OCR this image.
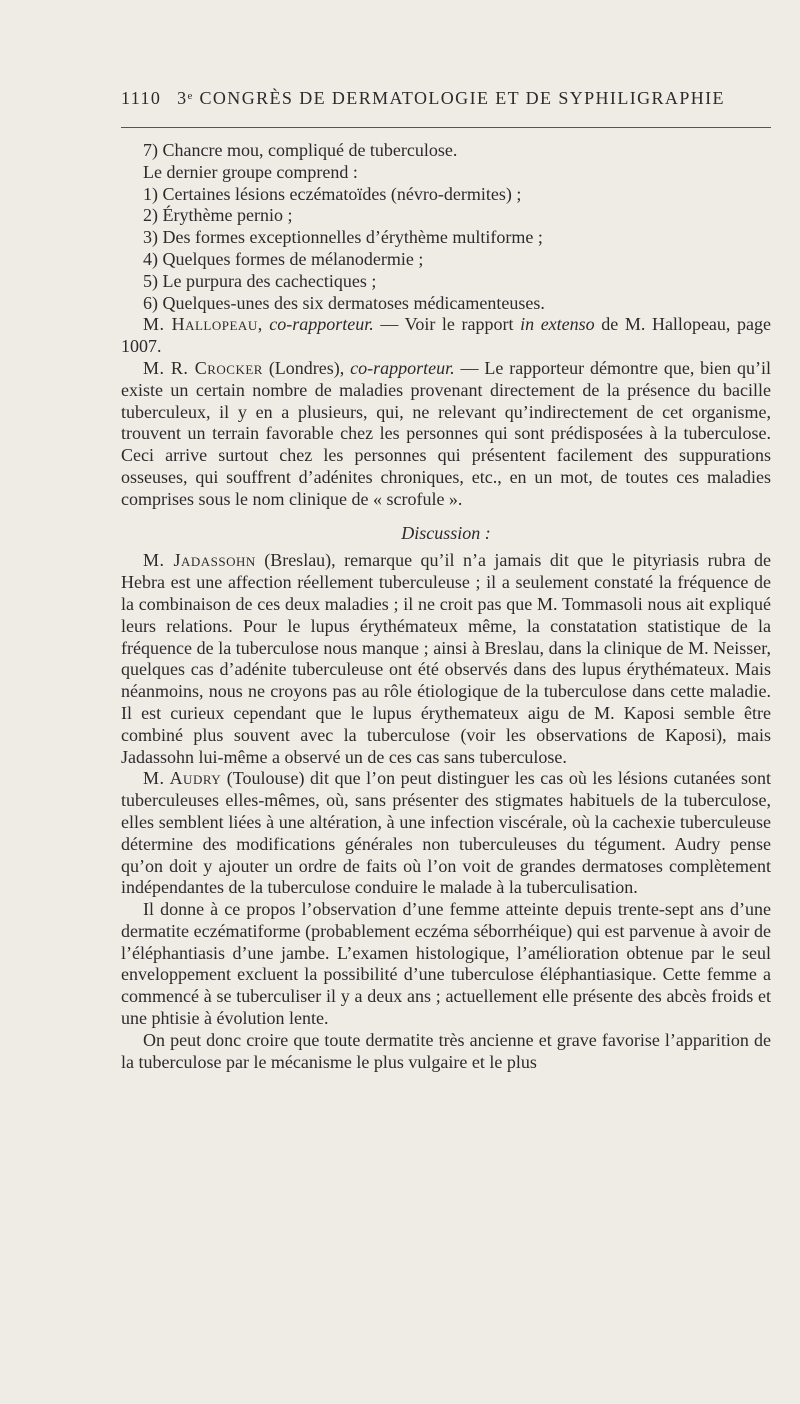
1110 3ᵉ CONGRÈS DE DERMATOLOGIE ET DE SYPHILIGRAPHIE

7) Chancre mou, compliqué de tuberculose.

Le dernier groupe comprend :

1) Certaines lésions eczématoïdes (névro-dermites) ;

2) Érythème pernio ;

3) Des formes exceptionnelles d’érythème multiforme ;

4) Quelques formes de mélanodermie ;

5) Le purpura des cachectiques ;

6) Quelques-unes des six dermatoses médicamenteuses.

M. Hallopeau, co-rapporteur. — Voir le rapport in extenso de M. Hallopeau, page 1007.

M. R. Crocker (Londres), co-rapporteur. — Le rapporteur démontre que, bien qu’il existe un certain nombre de maladies provenant directement de la présence du bacille tuberculeux, il y en a plusieurs, qui, ne relevant qu’indirectement de cet organisme, trouvent un terrain favorable chez les personnes qui sont prédisposées à la tuberculose. Ceci arrive surtout chez les personnes qui présentent facilement des suppurations osseuses, qui souffrent d’adénites chroniques, etc., en un mot, de toutes ces maladies comprises sous le nom clinique de « scrofule ».

Discussion :

M. Jadassohn (Breslau), remarque qu’il n’a jamais dit que le pityriasis rubra de Hebra est une affection réellement tuberculeuse ; il a seulement constaté la fréquence de la combinaison de ces deux maladies ; il ne croit pas que M. Tommasoli nous ait expliqué leurs relations. Pour le lupus érythémateux même, la constatation statistique de la fréquence de la tuberculose nous manque ; ainsi à Breslau, dans la clinique de M. Neisser, quelques cas d’adénite tuberculeuse ont été observés dans des lupus érythémateux. Mais néanmoins, nous ne croyons pas au rôle étiologique de la tuberculose dans cette maladie. Il est curieux cependant que le lupus érythemateux aigu de M. Kaposi semble être combiné plus souvent avec la tuberculose (voir les observations de Kaposi), mais Jadassohn lui-même a observé un de ces cas sans tuberculose.

M. Audry (Toulouse) dit que l’on peut distinguer les cas où les lésions cutanées sont tuberculeuses elles-mêmes, où, sans présenter des stigmates habituels de la tuberculose, elles semblent liées à une altération, à une infection viscérale, où la cachexie tuberculeuse détermine des modifications générales non tuberculeuses du tégument. Audry pense qu’on doit y ajouter un ordre de faits où l’on voit de grandes dermatoses complètement indépendantes de la tuberculose conduire le malade à la tuberculisation.

Il donne à ce propos l’observation d’une femme atteinte depuis trente-sept ans d’une dermatite eczématiforme (probablement eczéma séborrhéique) qui est parvenue à avoir de l’éléphantiasis d’une jambe. L’examen histologique, l’amélioration obtenue par le seul enveloppement excluent la possibilité d’une tuberculose éléphantiasique. Cette femme a commencé à se tuberculiser il y a deux ans ; actuellement elle présente des abcès froids et une phtisie à évolution lente.

On peut donc croire que toute dermatite très ancienne et grave favorise l’apparition de la tuberculose par le mécanisme le plus vulgaire et le plus
